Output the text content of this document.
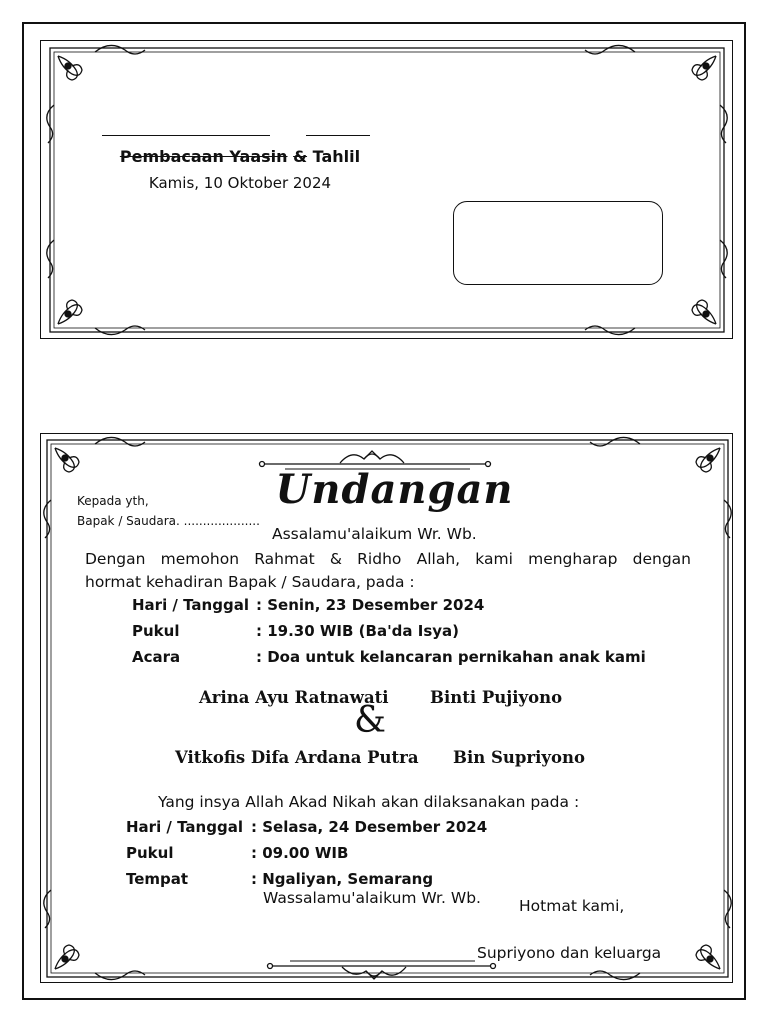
Pembacaan Yaasin & Tahlil
Kamis, 10 Oktober 2024
Kepada yth,
Bapak / Saudara. ....................
Undangan
Assalamu'alaikum Wr. Wb.
Dengan memohon Rahmat & Ridho Allah, kami mengharap dengan
hormat kehadiran Bapak / Saudara, pada :
Hari / Tanggal : Senin, 23 Desember 2024
Pukul	: 19.30 WIB (Ba'da Isya)
Acara	: Doa untuk kelancaran pernikahan anak kami
Arina Ayu Ratnawati	Binti Pujiyono
&
Vitkofis Difa Ardana Putra Bin Supriyono
Yang insya Allah Akad Nikah akan dilaksanakan pada :
Hari / Tanggal : Selasa, 24 Desember 2024
Pukul	: 09.00 WIB
Tempat	: Ngaliyan, Semarang
Wassalamu'alaikum Wr. Wb. Hotmat kami,
Supriyono dan keluarga
